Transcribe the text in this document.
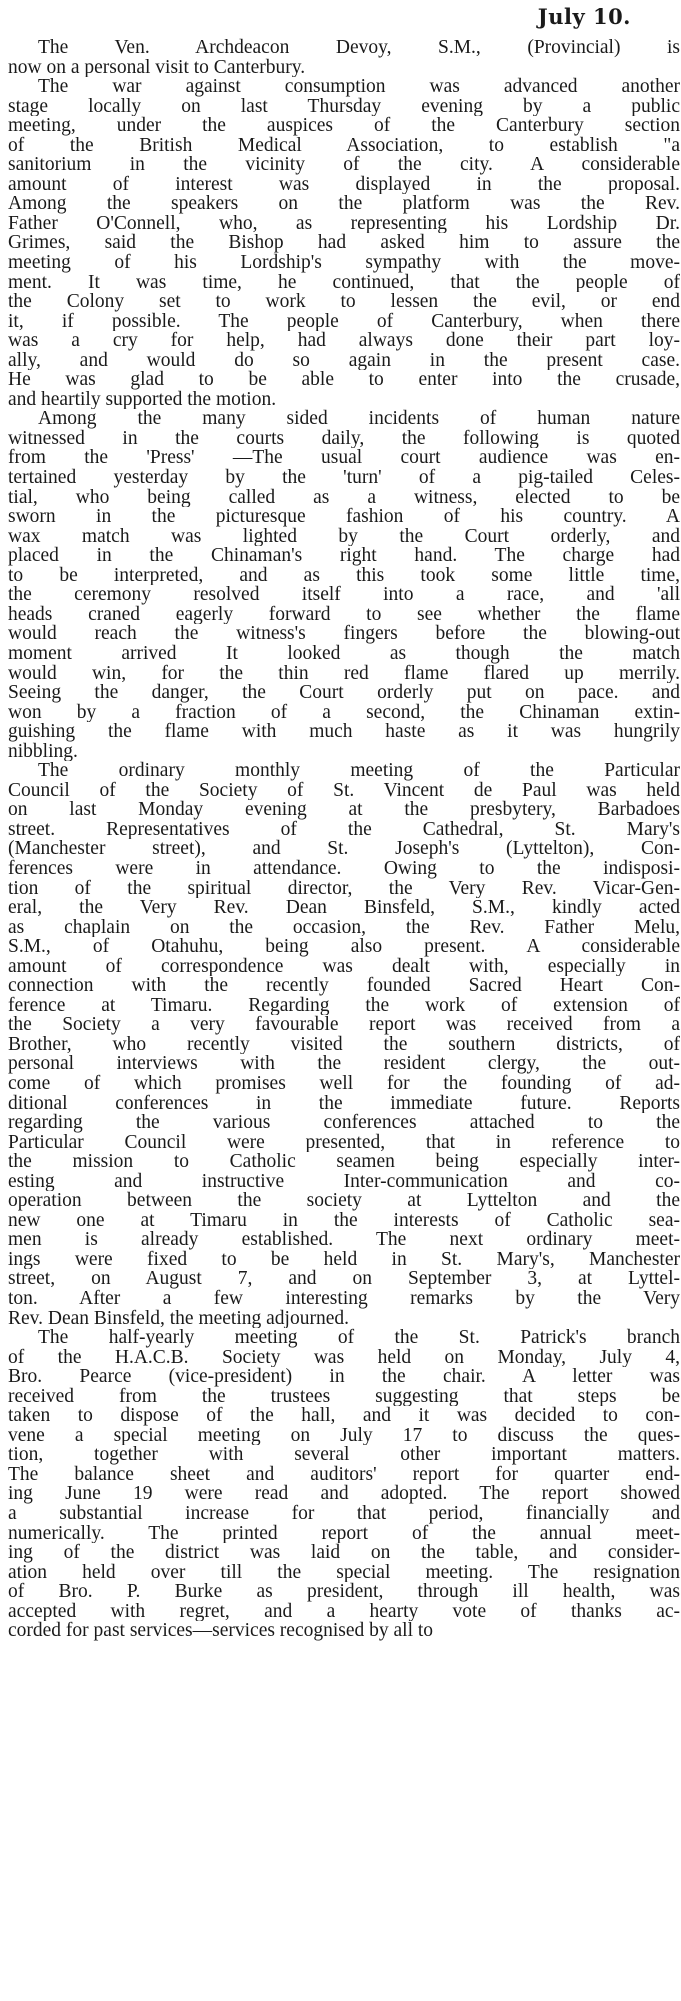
July 10.
The Ven. Archdeacon Devoy, S.M., (Provincial) is
now on a personal visit to Canterbury.
The war against consumption was advanced another
stage locally on last Thursday evening by a public
meeting, under the auspices of the Canterbury section
of the British Medical Association, to establish "a
sanitorium in the vicinity of the city. A considerable
amount of interest was displayed in the proposal.
Among the speakers on the platform was the Rev.
Father O'Connell, who, as representing his Lordship Dr.
Grimes, said the Bishop had asked him to assure the
meeting of his Lordship's sympathy with the move-
ment. It was time, he continued, that the people of
the Colony set to work to lessen the evil, or end
it, if possible. The people of Canterbury, when there
was a cry for help, had always done their part loy-
ally, and would do so again in the present case.
He was glad to be able to enter into the crusade,
and heartily supported the motion.
Among the many sided incidents of human nature
witnessed in the courts daily, the following is quoted
from the 'Press' —The usual court audience was en-
tertained yesterday by the 'turn' of a pig-tailed Celes-
tial, who being called as a witness, elected to be
sworn in the picturesque fashion of his country. A
wax match was lighted by the Court orderly, and
placed in the Chinaman's right hand. The charge had
to be interpreted, and as this took some little time,
the ceremony resolved itself into a race, and 'all
heads craned eagerly forward to see whether the flame
would reach the witness's fingers before the blowing-out
moment arrived It looked as though the match
would win, for the thin red flame flared up merrily.
Seeing the danger, the Court orderly put on pace. and
won by a fraction of a second, the Chinaman extin-
guishing the flame with much haste as it was hungrily
nibbling.
The ordinary monthly meeting of the Particular
Council of the Society of St. Vincent de Paul was held
on last Monday evening at the presbytery, Barbadoes
street. Representatives of the Cathedral, St. Mary's
(Manchester street), and St. Joseph's (Lyttelton), Con-
ferences were in attendance. Owing to the indisposi-
tion of the spiritual director, the Very Rev. Vicar-Gen-
eral, the Very Rev. Dean Binsfeld, S.M., kindly acted
as chaplain on the occasion, the Rev. Father Melu,
S.M., of Otahuhu, being also present. A considerable
amount of correspondence was dealt with, especially in
connection with the recently founded Sacred Heart Con-
ference at Timaru. Regarding the work of extension of
the Society a very favourable report was received from a
Brother, who recently visited the southern districts, of
personal interviews with the resident clergy, the out-
come of which promises well for the founding of ad-
ditional conferences in the immediate future. Reports
regarding the various conferences attached to the
Particular Council were presented, that in reference to
the mission to Catholic seamen being especially inter-
esting and instructive Inter-communication and co-
operation between the society at Lyttelton and the
new one at Timaru in the interests of Catholic sea-
men is already established. The next ordinary meet-
ings were fixed to be held in St. Mary's, Manchester
street, on August 7, and on September 3, at Lyttel-
ton. After a few interesting remarks by the Very
Rev. Dean Binsfeld, the meeting adjourned.
The half-yearly meeting of the St. Patrick's branch
of the H.A.C.B. Society was held on Monday, July 4,
Bro. Pearce (vice-president) in the chair. A letter was
received from the trustees suggesting that steps be
taken to dispose of the hall, and it was decided to con-
vene a special meeting on July 17 to discuss the ques-
tion, together with several other important matters.
The balance sheet and auditors' report for quarter end-
ing June 19 were read and adopted. The report showed
a substantial increase for that period, financially and
numerically. The printed report of the annual meet-
ing of the district was laid on the table, and consider-
ation held over till the special meeting. The resignation
of Bro. P. Burke as president, through ill health, was
accepted with regret, and a hearty vote of thanks ac-
corded for past services—services recognised by all to
